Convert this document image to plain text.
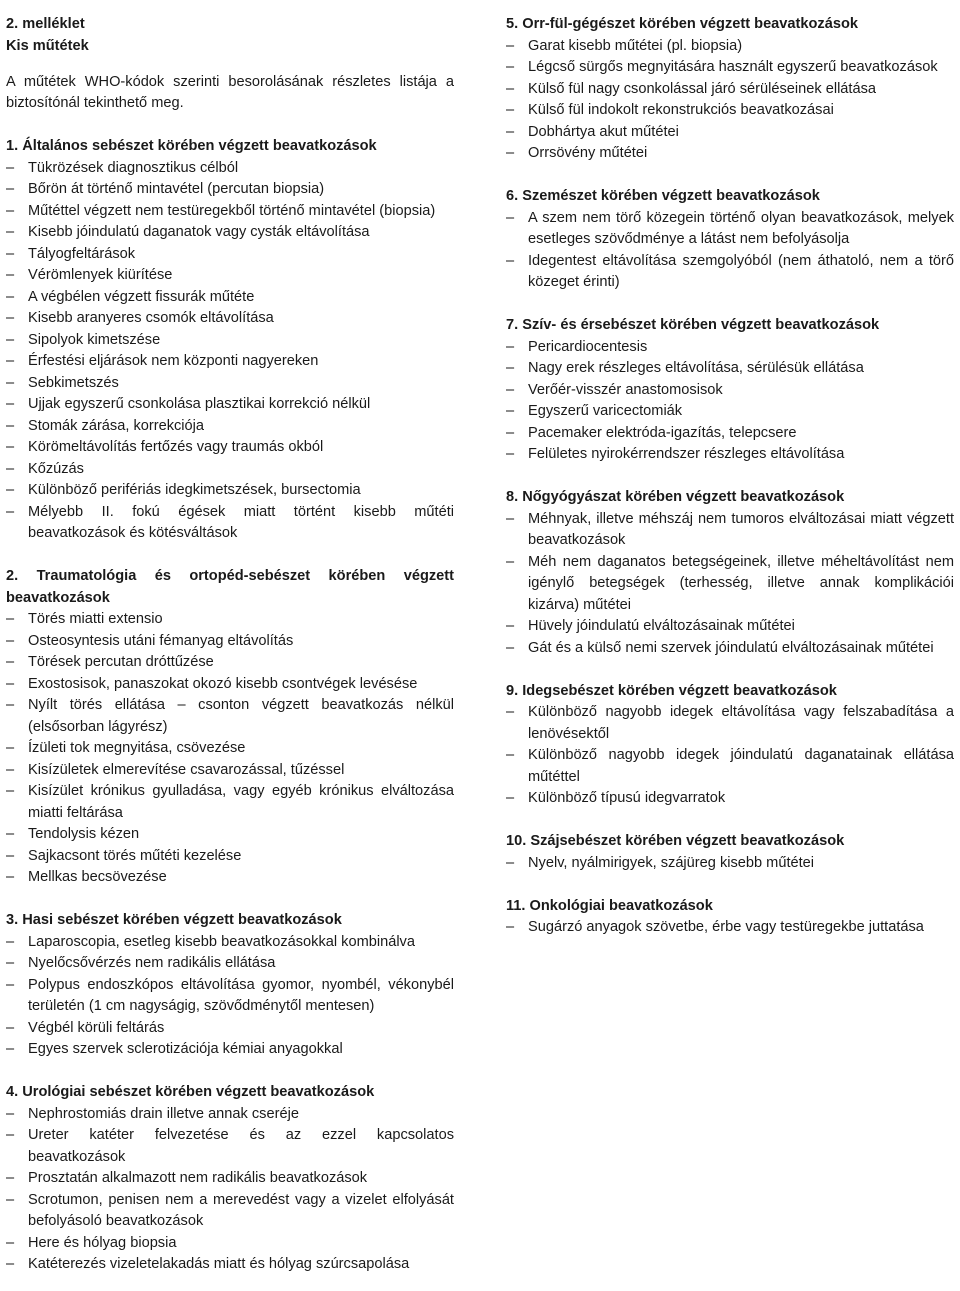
2. melléklet

Kis műtétek

A műtétek WHO-kódok szerinti besorolásának részletes listája a biztosítónál tekinthető meg.

1. Általános sebészet körében végzett beavatkozások
– Tükrözések diagnosztikus célból
– Bőrön át történő mintavétel (percutan biopsia)
– Műtéttel végzett nem testüregekből történő mintavétel (biopsia)
– Kisebb jóindulatú daganatok vagy cysták eltávolítása
– Tályogfeltárások
– Vérömlenyek kiürítése
– A végbélen végzett fissurák műtéte
– Kisebb aranyeres csomók eltávolítása
– Sipolyok kimetszése
– Érfestési eljárások nem központi nagyereken
– Sebkimetszés
– Ujjak egyszerű csonkolása plasztikai korrekció nélkül
– Stomák zárása, korrekciója
– Körömeltávolítás fertőzés vagy traumás okból
– Kőzúzás
– Különböző perifériás idegkimetszések, bursectomia
– Mélyebb II. fokú égések miatt történt kisebb műtéti beavatkozások és kötésváltások
2. Traumatológia és ortopéd-sebészet körében végzett beavatkozások
– Törés miatti extensio
– Osteosyntesis utáni fémanyag eltávolítás
– Törések percutan dróttűzése
– Exostosisok, panaszokat okozó kisebb csontvégek levésése
– Nyílt törés ellátása – csonton végzett beavatkozás nélkül (elsősorban lágyrész)
– Ízületi tok megnyitása, csövezése
– Kisízületek elmerevítése csavarozással, tűzéssel
– Kisízület krónikus gyulladása, vagy egyéb krónikus elváltozása miatti feltárása
– Tendolysis kézen
– Sajkacsont törés műtéti kezelése
– Mellkas becsövezése
3. Hasi sebészet körében végzett beavatkozások
– Laparoscopia, esetleg kisebb beavatkozásokkal kombinálva
– Nyelőcsővérzés nem radikális ellátása
– Polypus endoszkópos eltávolítása gyomor, nyombél, vékonybél területén (1 cm nagyságig, szövődménytől mentesen)
– Végbél körüli feltárás
– Egyes szervek sclerotizációja kémiai anyagokkal
4. Urológiai sebészet körében végzett beavatkozások
– Nephrostomiás drain illetve annak cseréje
– Ureter katéter felvezetése és az ezzel kapcsolatos beavatkozások
– Prosztatán alkalmazott nem radikális beavatkozások
– Scrotumon, penisen nem a merevedést vagy a vizelet elfolyását befolyásoló beavatkozások
– Here és hólyag biopsia
– Katéterezés vizeletelakadás miatt és hólyag szúrcsapolása
5. Orr-fül-gégészet körében végzett beavatkozások
– Garat kisebb műtétei (pl. biopsia)
– Légcső sürgős megnyitására használt egyszerű beavatkozások
– Külső fül nagy csonkolással járó sérüléseinek ellátása
– Külső fül indokolt rekonstrukciós beavatkozásai
– Dobhártya akut műtétei
– Orrsövény műtétei
6. Szemészet körében végzett beavatkozások
– A szem nem törő közegein történő olyan beavatkozások, melyek esetleges szövődménye a látást nem befolyásolja
– Idegentest eltávolítása szemgolyóból (nem áthatoló, nem a törő közeget érinti)
7. Szív- és érsebészet körében végzett beavatkozások
– Pericardiocentesis
– Nagy erek részleges eltávolítása, sérülésük ellátása
– Verőér-visszér anastomosisok
– Egyszerű varicectomiák
– Pacemaker elektróda-igazítás, telepcsere
– Felületes nyirokérrendszer részleges eltávolítása
8. Nőgyógyászat körében végzett beavatkozások
– Méhnyak, illetve méhszáj nem tumoros elváltozásai miatt végzett beavatkozások
– Méh nem daganatos betegségeinek, illetve méheltávolítást nem igénylő betegségek (terhesség, illetve annak komplikációi kizárva) műtétei
– Hüvely jóindulatú elváltozásainak műtétei
– Gát és a külső nemi szervek jóindulatú elváltozásainak műtétei
9. Idegsebészet körében végzett beavatkozások
– Különböző nagyobb idegek eltávolítása vagy felszabadítása a lenövésektől
– Különböző nagyobb idegek jóindulatú daganatainak ellátása műtéttel
– Különböző típusú idegvarratok
10. Szájsebészet körében végzett beavatkozások
– Nyelv, nyálmirigyek, szájüreg kisebb műtétei
11. Onkológiai beavatkozások
– Sugárzó anyagok szövetbe, érbe vagy testüregekbe juttatása
